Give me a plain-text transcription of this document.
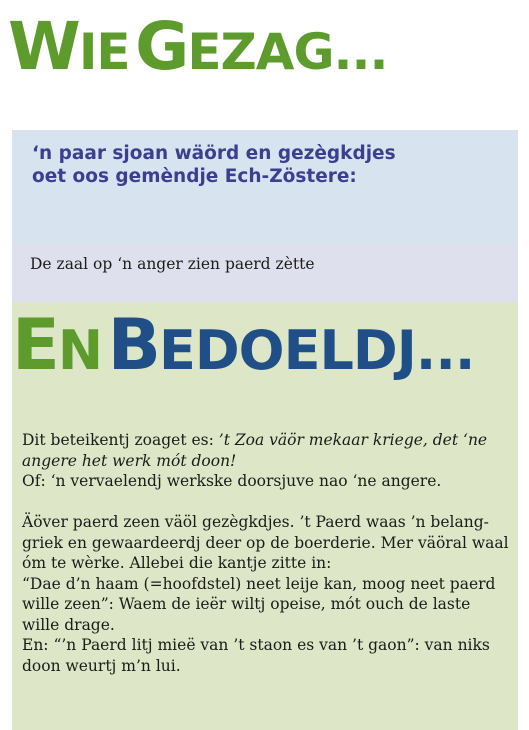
WIE GEZAG...
‘n paar sjoan wäörd en gezègkdjes
oet oos gemèndje Ech-Zöstere:
De zaal op ‘n anger zien paerd zètte
EN BEDOELDJ...
Dit beteikentj zoaget es: ’t Zoa väör mekaar kriege, det ‘ne
angere het werk mót doon!
Of: ‘n vervaelendj werkske doorsjuve nao ‘ne angere.
Äöver paerd zeen väöl gezègkdjes. ’t Paerd waas ’n belang-
griek en gewaardeerdj deer op de boerderie. Mer väöral waal
óm te wèrke. Allebei die kantje zitte in:
“Dae d’n haam (=hoofdstel) neet leije kan, moog neet paerd
wille zeen”: Waem de ieër wiltj opeise, mót ouch de laste
wille drage.
En: “’n Paerd litj mieë van ’t staon es van ’t gaon”: van niks
doon weurtj m’n lui.
